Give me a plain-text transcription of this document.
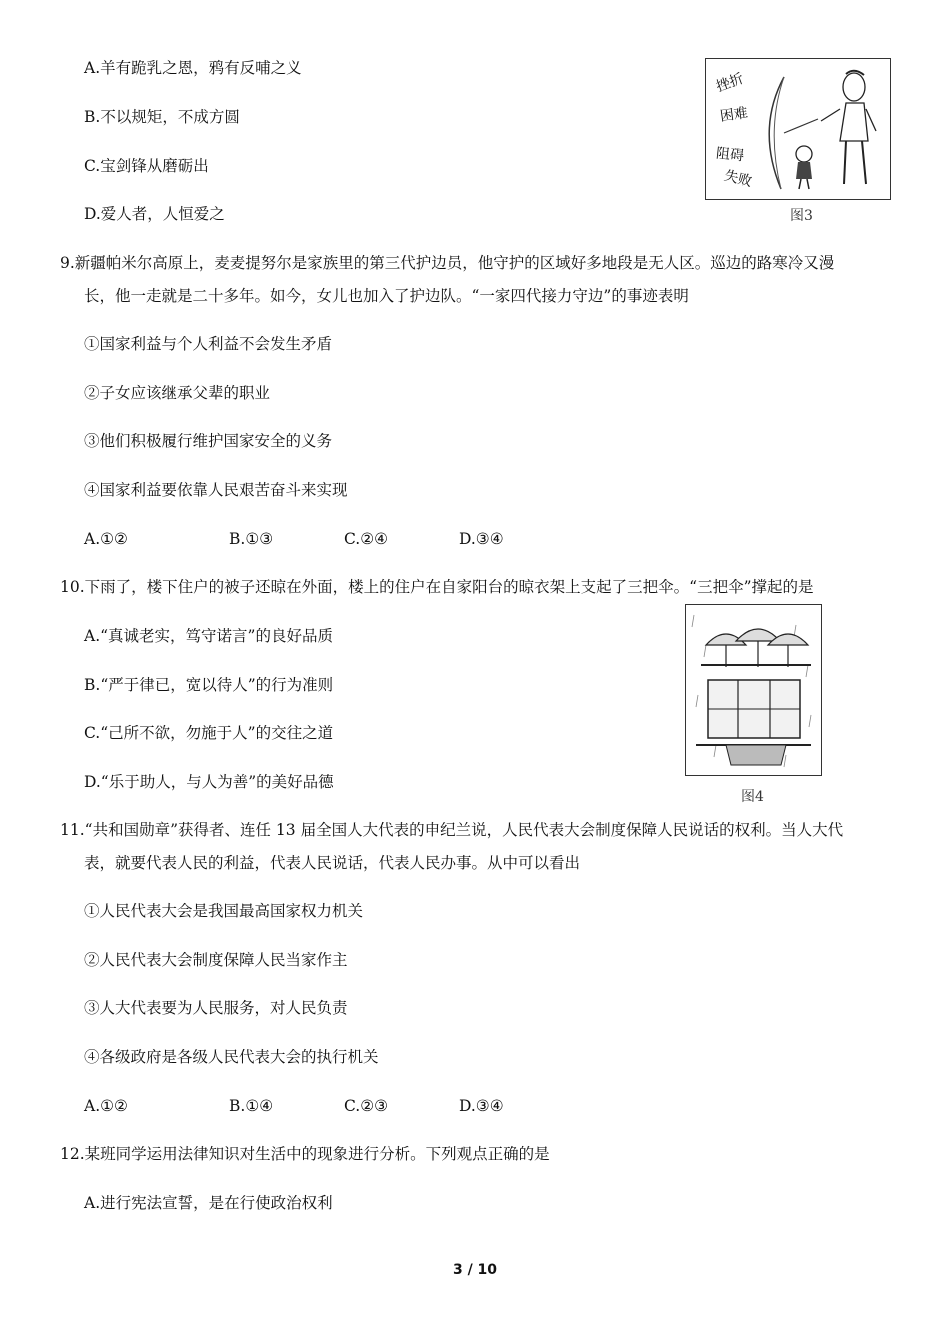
A.羊有跪乳之恩，鸦有反哺之义
B.不以规矩，不成方圆
C.宝剑锋从磨砺出
D.爱人者，人恒爱之
挫折
困难
阻碍
失败
图3
9.新疆帕米尔高原上，麦麦提努尔是家族里的第三代护边员，他守护的区域好多地段是无人区。巡边的路寒冷又漫
长，他一走就是二十多年。如今，女儿也加入了护边队。“一家四代接力守边”的事迹表明
①国家利益与个人利益不会发生矛盾
②子女应该继承父辈的职业
③他们积极履行维护国家安全的义务
④国家利益要依靠人民艰苦奋斗来实现
A.①②	B.①③	C.②④	D.③④
10.下雨了，楼下住户的被子还晾在外面，楼上的住户在自家阳台的晾衣架上支起了三把伞。“三把伞”撑起的是
A.“真诚老实，笃守诺言”的良好品质
B.“严于律已，宽以待人”的行为准则
C.“己所不欲，勿施于人”的交往之道
D.“乐于助人，与人为善”的美好品德
图4
11.“共和国勋章”获得者、连任 13 届全国人大代表的申纪兰说，人民代表大会制度保障人民说话的权利。当人大代
表，就要代表人民的利益，代表人民说话，代表人民办事。从中可以看出
①人民代表大会是我国最高国家权力机关
②人民代表大会制度保障人民当家作主
③人大代表要为人民服务，对人民负责
④各级政府是各级人民代表大会的执行机关
A.①②	B.①④	C.②③	D.③④
12.某班同学运用法律知识对生活中的现象进行分析。下列观点正确的是
A.进行宪法宣誓，是在行使政治权利
3 / 10
